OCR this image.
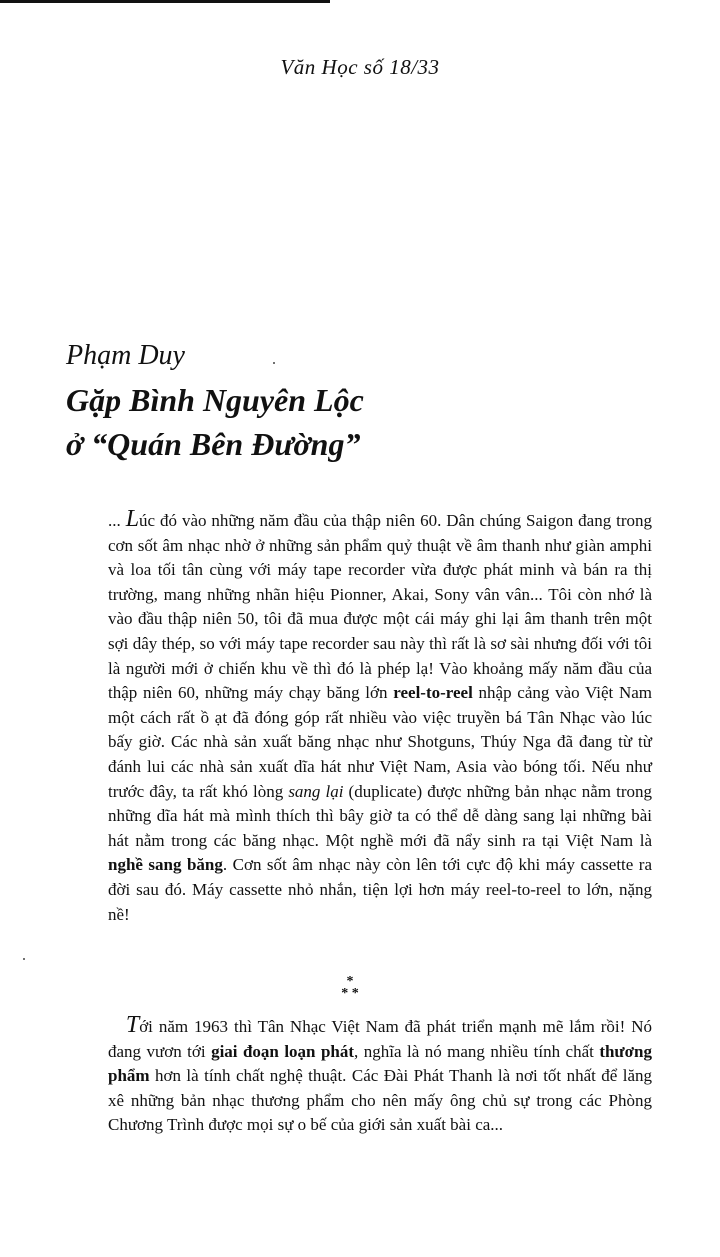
Văn Học số 18/33
Phạm Duy
Gặp Bình Nguyên Lộc
ở “Quán Bên Đường”

... Lúc đó vào những năm đầu của thập niên 60. Dân chúng Saigon đang trong cơn sốt âm nhạc nhờ ở những sản phẩm quỷ thuật về âm thanh như giàn amphi và loa tối tân cùng với máy tape recorder vừa được phát minh và bán ra thị trường, mang những nhãn hiệu Pionner, Akai, Sony vân vân... Tôi còn nhớ là vào đầu thập niên 50, tôi đã mua được một cái máy ghi lại âm thanh trên một sợi dây thép, so với máy tape recorder sau này thì rất là sơ sài nhưng đối với tôi là người mới ở chiến khu về thì đó là phép lạ! Vào khoảng mấy năm đầu của thập niên 60, những máy chạy băng lớn reel-to-reel nhập cảng vào Việt Nam một cách rất ồ ạt đã đóng góp rất nhiều vào việc truyền bá Tân Nhạc vào lúc bấy giờ. Các nhà sản xuất băng nhạc như Shotguns, Thúy Nga đã đang từ từ đánh lui các nhà sản xuất dĩa hát như Việt Nam, Asia vào bóng tối. Nếu như trước đây, ta rất khó lòng sang lại (duplicate) được những bản nhạc nằm trong những dĩa hát mà mình thích thì bây giờ ta có thể dễ dàng sang lại những bài hát nằm trong các băng nhạc. Một nghề mới đã nẩy sinh ra tại Việt Nam là nghề sang băng. Cơn sốt âm nhạc này còn lên tới cực độ khi máy cassette ra đời sau đó. Máy cassette nhỏ nhắn, tiện lợi hơn máy reel-to-reel to lớn, nặng nề!

*
* *

Tới năm 1963 thì Tân Nhạc Việt Nam đã phát triển mạnh mẽ lắm rồi! Nó đang vươn tới giai đoạn loạn phát, nghĩa là nó mang nhiều tính chất thương phẩm hơn là tính chất nghệ thuật. Các Đài Phát Thanh là nơi tốt nhất để lăng xê những bản nhạc thương phẩm cho nên mấy ông chủ sự trong các Phòng Chương Trình được mọi sự o bế của giới sản xuất bài ca...
